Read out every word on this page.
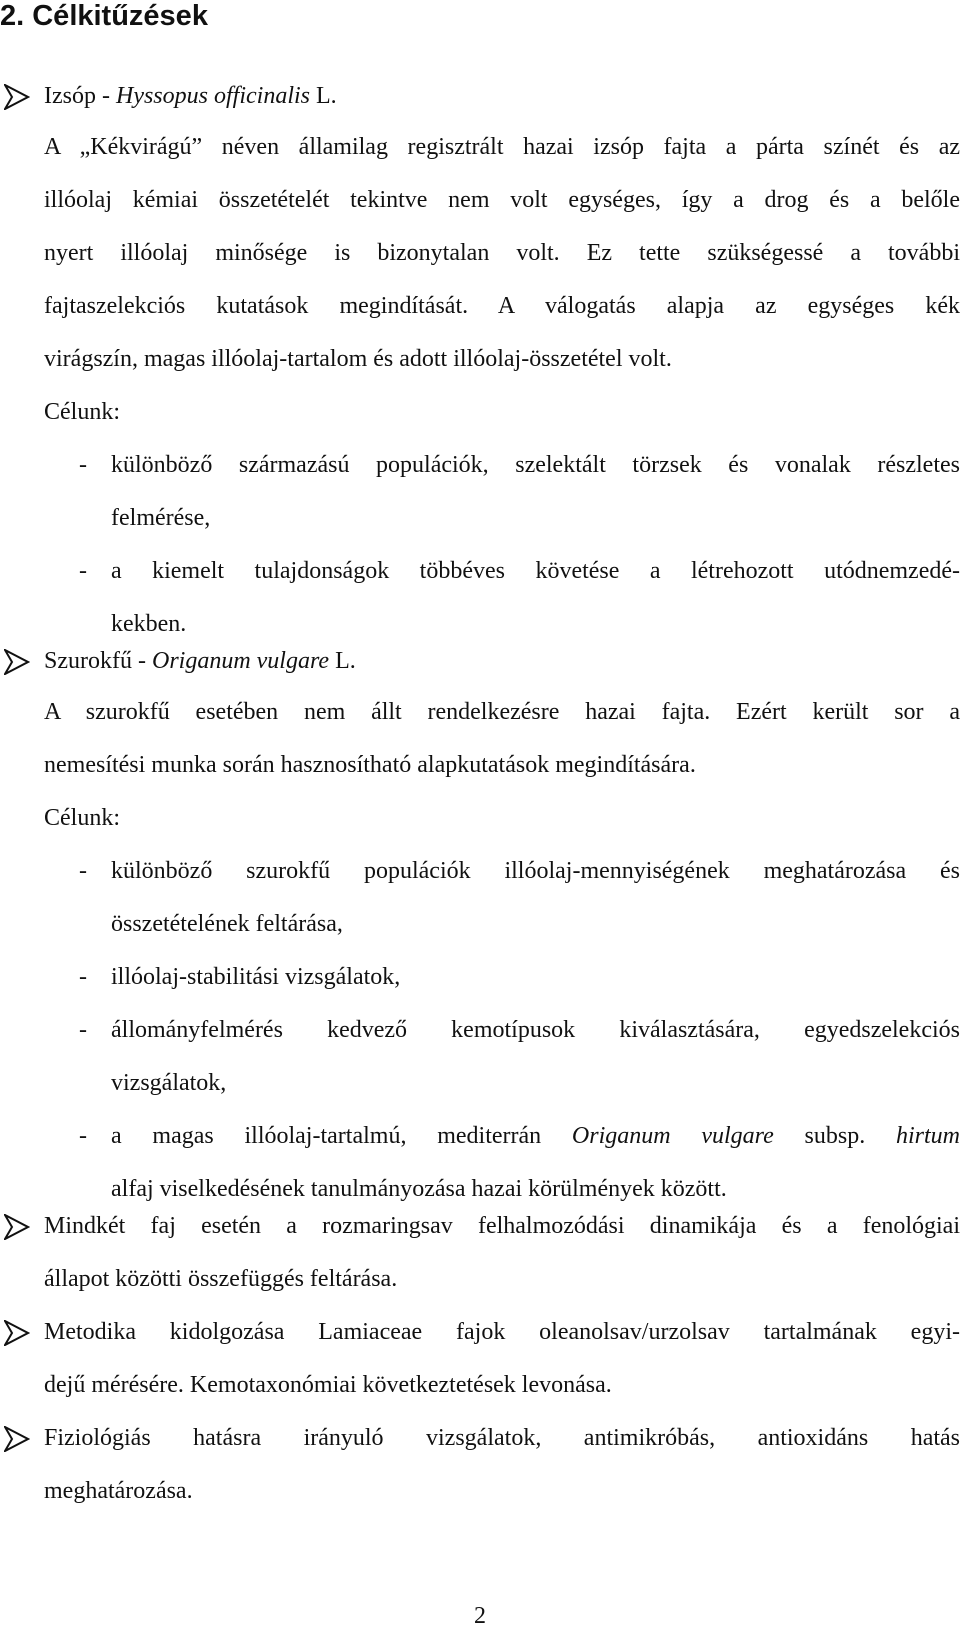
2. Célkitűzések
Izsóp - Hyssopus officinalis L.
A „Kékvirágú” néven államilag regisztrált hazai izsóp fajta a párta színét és az
illóolaj kémiai összetételét tekintve nem volt egységes, így a drog és a belőle
nyert illóolaj minősége is bizonytalan volt. Ez tette szükségessé a további
fajtaszelekciós kutatások megindítását. A válogatás alapja az egységes kék
virágszín, magas illóolaj-tartalom és adott illóolaj-összetétel volt.
Célunk:
- különböző származású populációk, szelektált törzsek és vonalak részletes
felmérése,
- a kiemelt tulajdonságok többéves követése a létrehozott utódnemzedé-
kekben.
Szurokfű - Origanum vulgare L.
A szurokfű esetében nem állt rendelkezésre hazai fajta. Ezért került sor a
nemesítési munka során hasznosítható alapkutatások megindítására.
Célunk:
- különböző szurokfű populációk illóolaj-mennyiségének meghatározása és
összetételének feltárása,
- illóolaj-stabilitási vizsgálatok,
- állományfelmérés kedvező kemotípusok kiválasztására, egyedszelekciós
vizsgálatok,
- a magas illóolaj-tartalmú, mediterrán Origanum vulgare subsp. hirtum
alfaj viselkedésének tanulmányozása hazai körülmények között.
Mindkét faj esetén a rozmaringsav felhalmozódási dinamikája és a fenológiai
állapot közötti összefüggés feltárása.
Metodika kidolgozása Lamiaceae fajok oleanolsav/urzolsav tartalmának egyi-
dejű mérésére. Kemotaxonómiai következtetések levonása.
Fiziológiás hatásra irányuló vizsgálatok, antimikróbás, antioxidáns hatás
meghatározása.
2
